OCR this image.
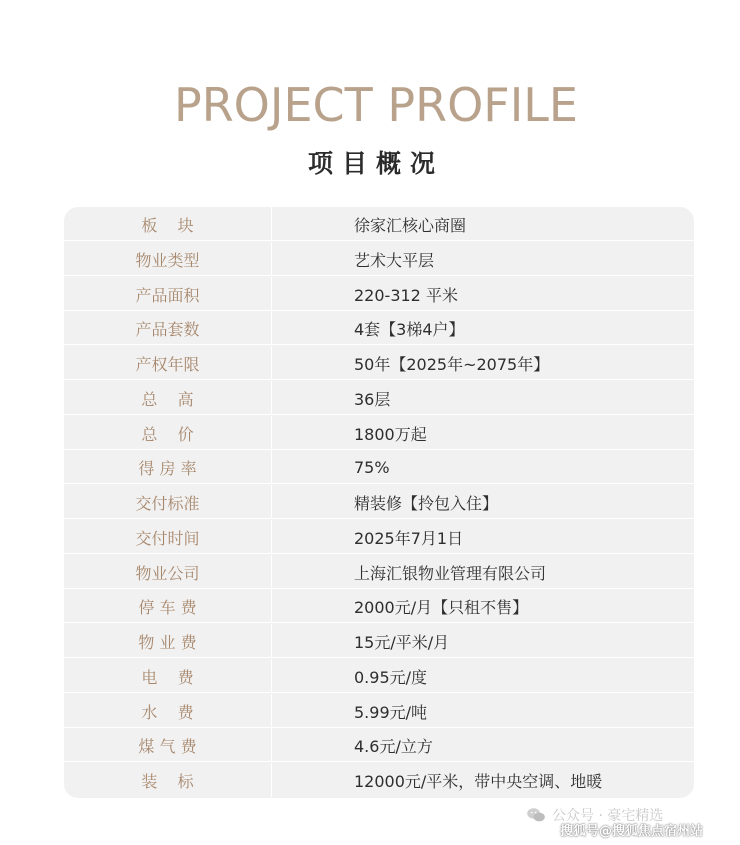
PROJECT PROFILE
项目概况
板    块	徐家汇核心商圈
物业类型	艺术大平层
产品面积	220-312 平米
产品套数	4套【3梯4户】
产权年限	50年【2025年~2075年】
总    高	36层
总    价	1800万起
得 房 率	75%
交付标准	精装修【拎包入住】
交付时间	2025年7月1日
物业公司	上海汇银物业管理有限公司
停 车 费	2000元/月【只租不售】
物 业 费	15元/平米/月
电    费	0.95元/度
水    费	5.99元/吨
煤 气 费	4.6元/立方
装    标	12000元/平米，带中央空调、地暖
公众号 · 豪宅精选
搜狐号@搜狐焦点宿州站
